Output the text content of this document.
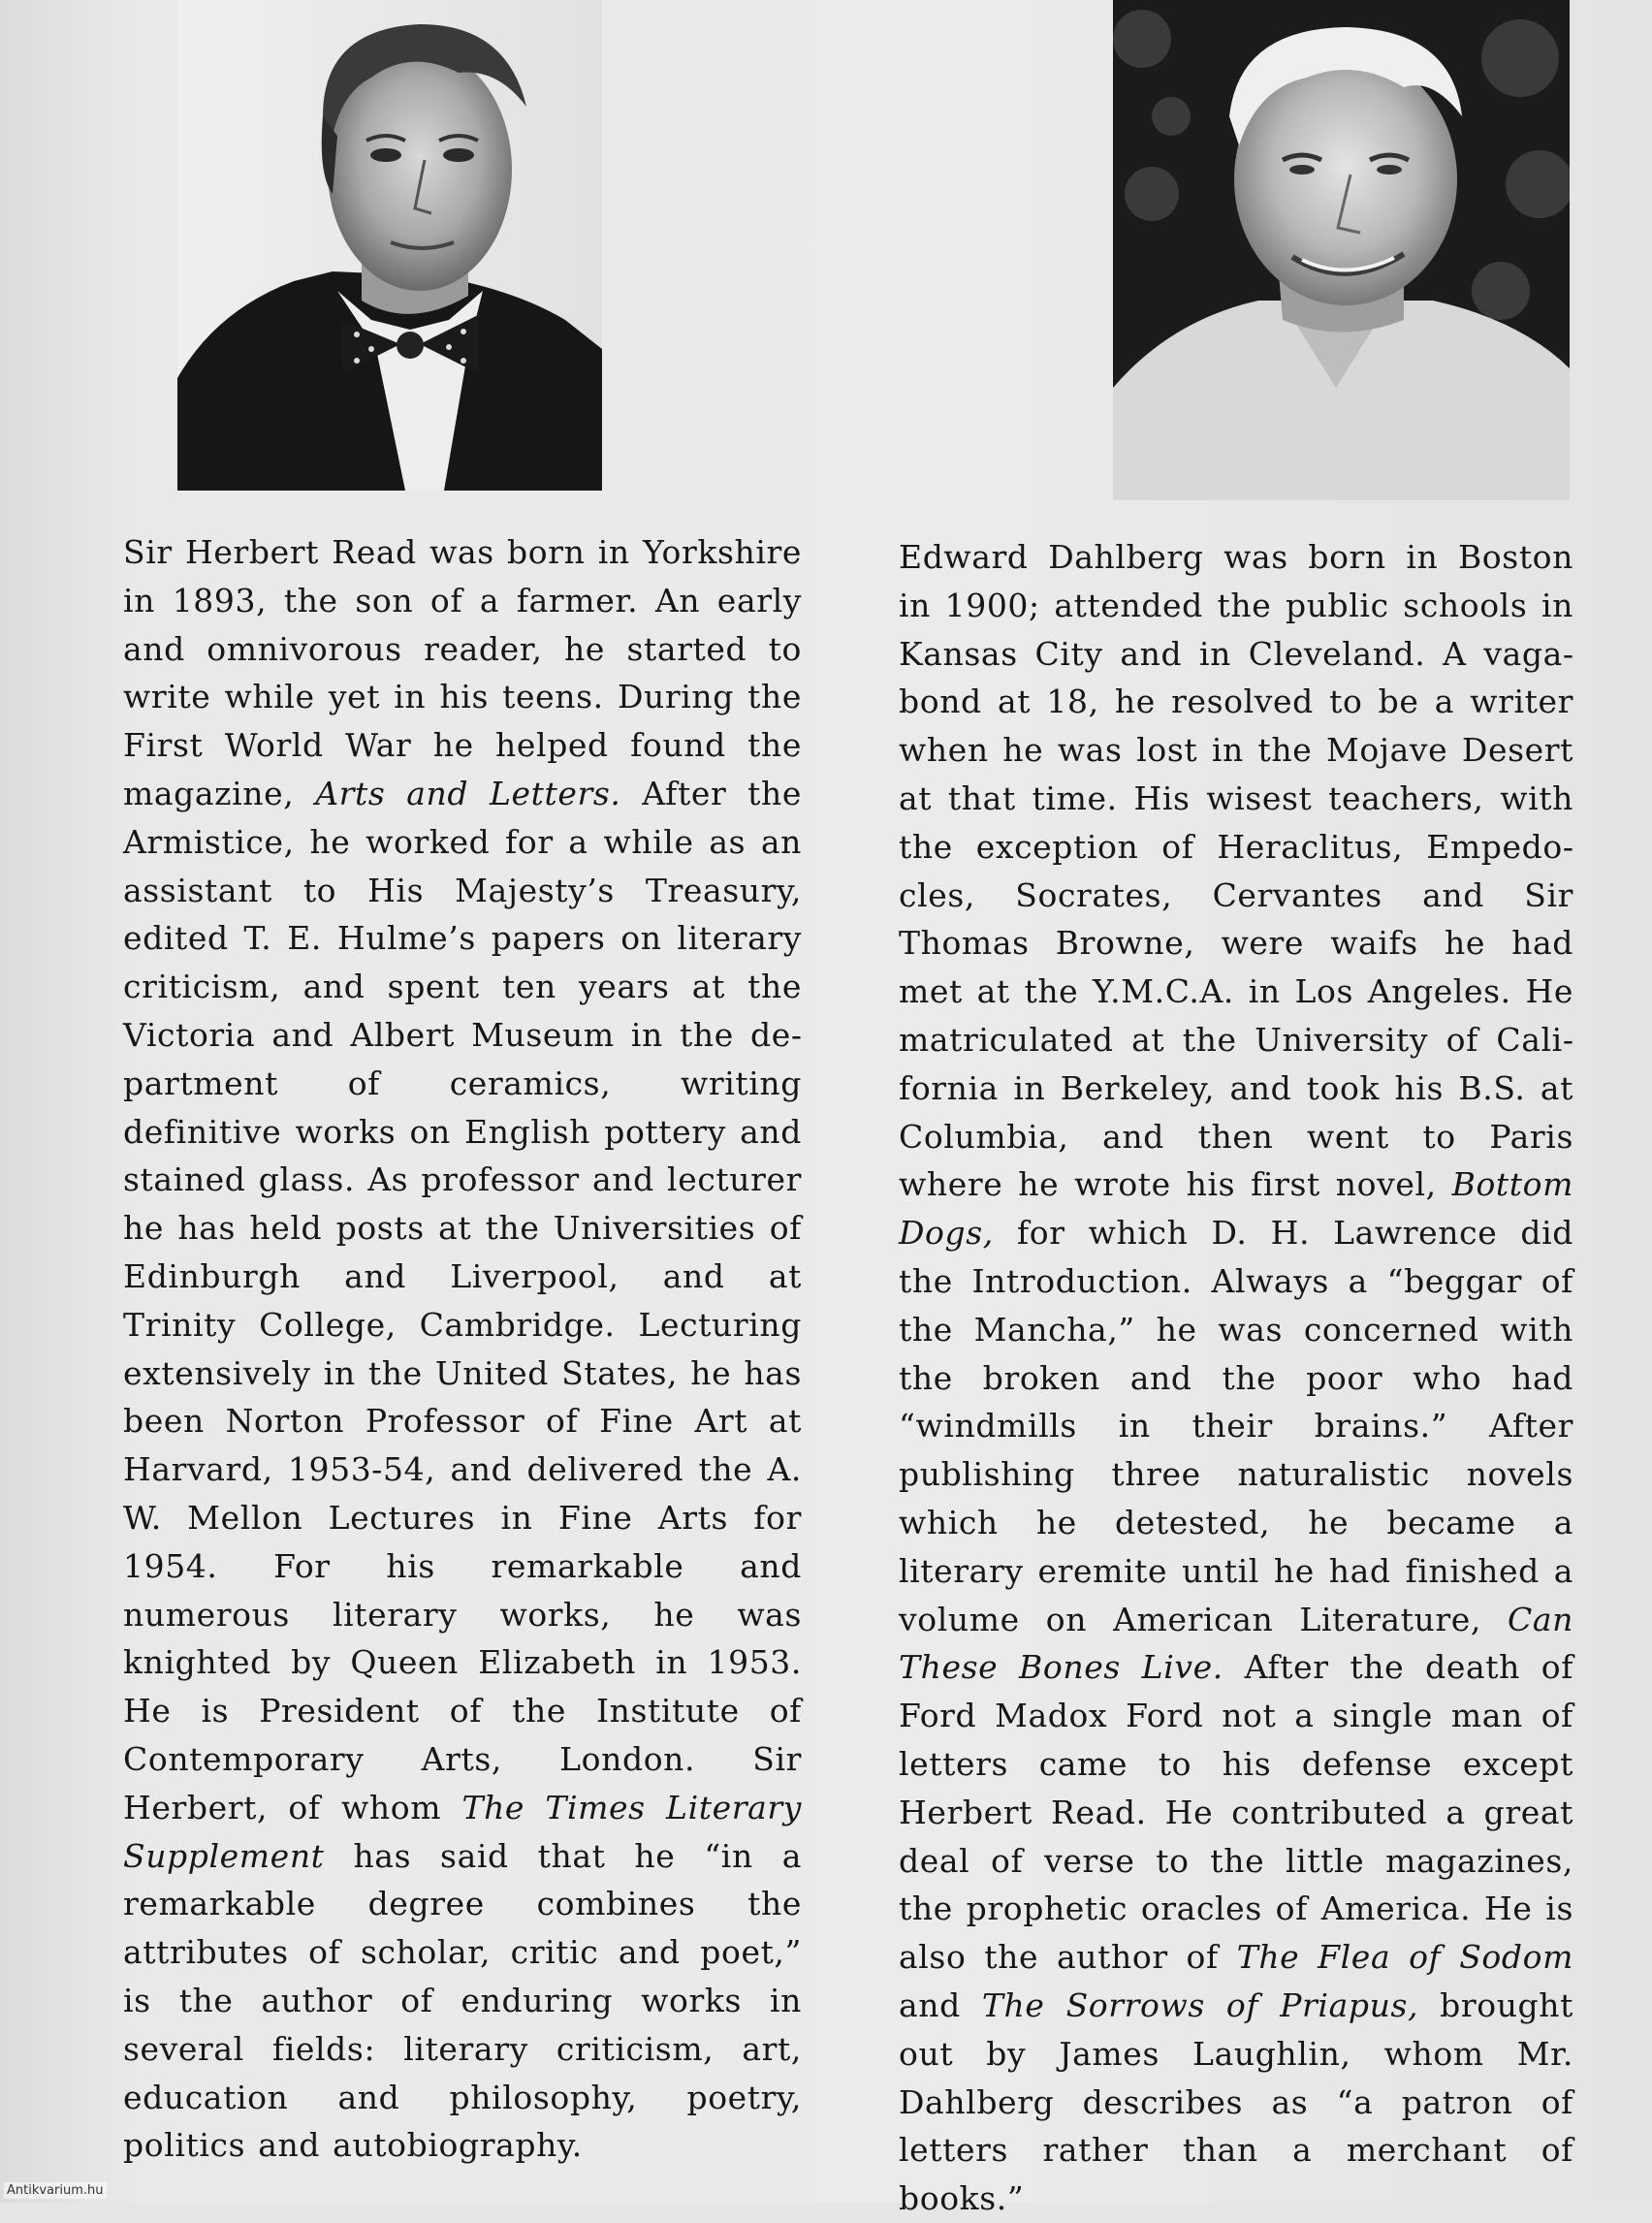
Sir Herbert Read was born in Yorkshire in 1893, the son of a farmer. An early and omnivorous reader, he started to write while yet in his teens. During the First World War he helped found the magazine, Arts and Letters. After the Armistice, he worked for a while as an assistant to His Majesty’s Treasury, edited T. E. Hulme’s papers on literary criticism, and spent ten years at the Victoria and Albert Museum in the department of ceramics, writing definitive works on English pottery and stained glass. As professor and lecturer he has held posts at the Universities of Edinburgh and Liverpool, and at Trinity College, Cambridge. Lecturing extensively in the United States, he has been Norton Professor of Fine Art at Harvard, 1953-54, and delivered the A. W. Mellon Lectures in Fine Arts for 1954. For his remarkable and numerous literary works, he was knighted by Queen Elizabeth in 1953. He is President of the Institute of Contemporary Arts, London. Sir Herbert, of whom The Times Literary Supplement has said that he “in a remarkable degree combines the attributes of scholar, critic and poet,” is the author of enduring works in several fields: literary criticism, art, education and philosophy, poetry, politics and autobiography.

Edward Dahlberg was born in Boston in 1900; attended the public schools in Kansas City and in Cleveland. A vagabond at 18, he resolved to be a writer when he was lost in the Mojave Desert at that time. His wisest teachers, with the exception of Heraclitus, Empedocles, Socrates, Cervantes and Sir Thomas Browne, were waifs he had met at the Y.M.C.A. in Los Angeles. He matriculated at the University of California in Berkeley, and took his B.S. at Columbia, and then went to Paris where he wrote his first novel, Bottom Dogs, for which D. H. Lawrence did the Introduction. Always a “beggar of the Mancha,” he was concerned with the broken and the poor who had “windmills in their brains.” After publishing three naturalistic novels which he detested, he became a literary eremite until he had finished a volume on American Literature, Can These Bones Live. After the death of Ford Madox Ford not a single man of letters came to his defense except Herbert Read. He contributed a great deal of verse to the little magazines, the prophetic oracles of America. He is also the author of The Flea of Sodom and The Sorrows of Priapus, brought out by James Laughlin, whom Mr. Dahlberg describes as “a patron of letters rather than a merchant of books.”

Antikvarium.hu
